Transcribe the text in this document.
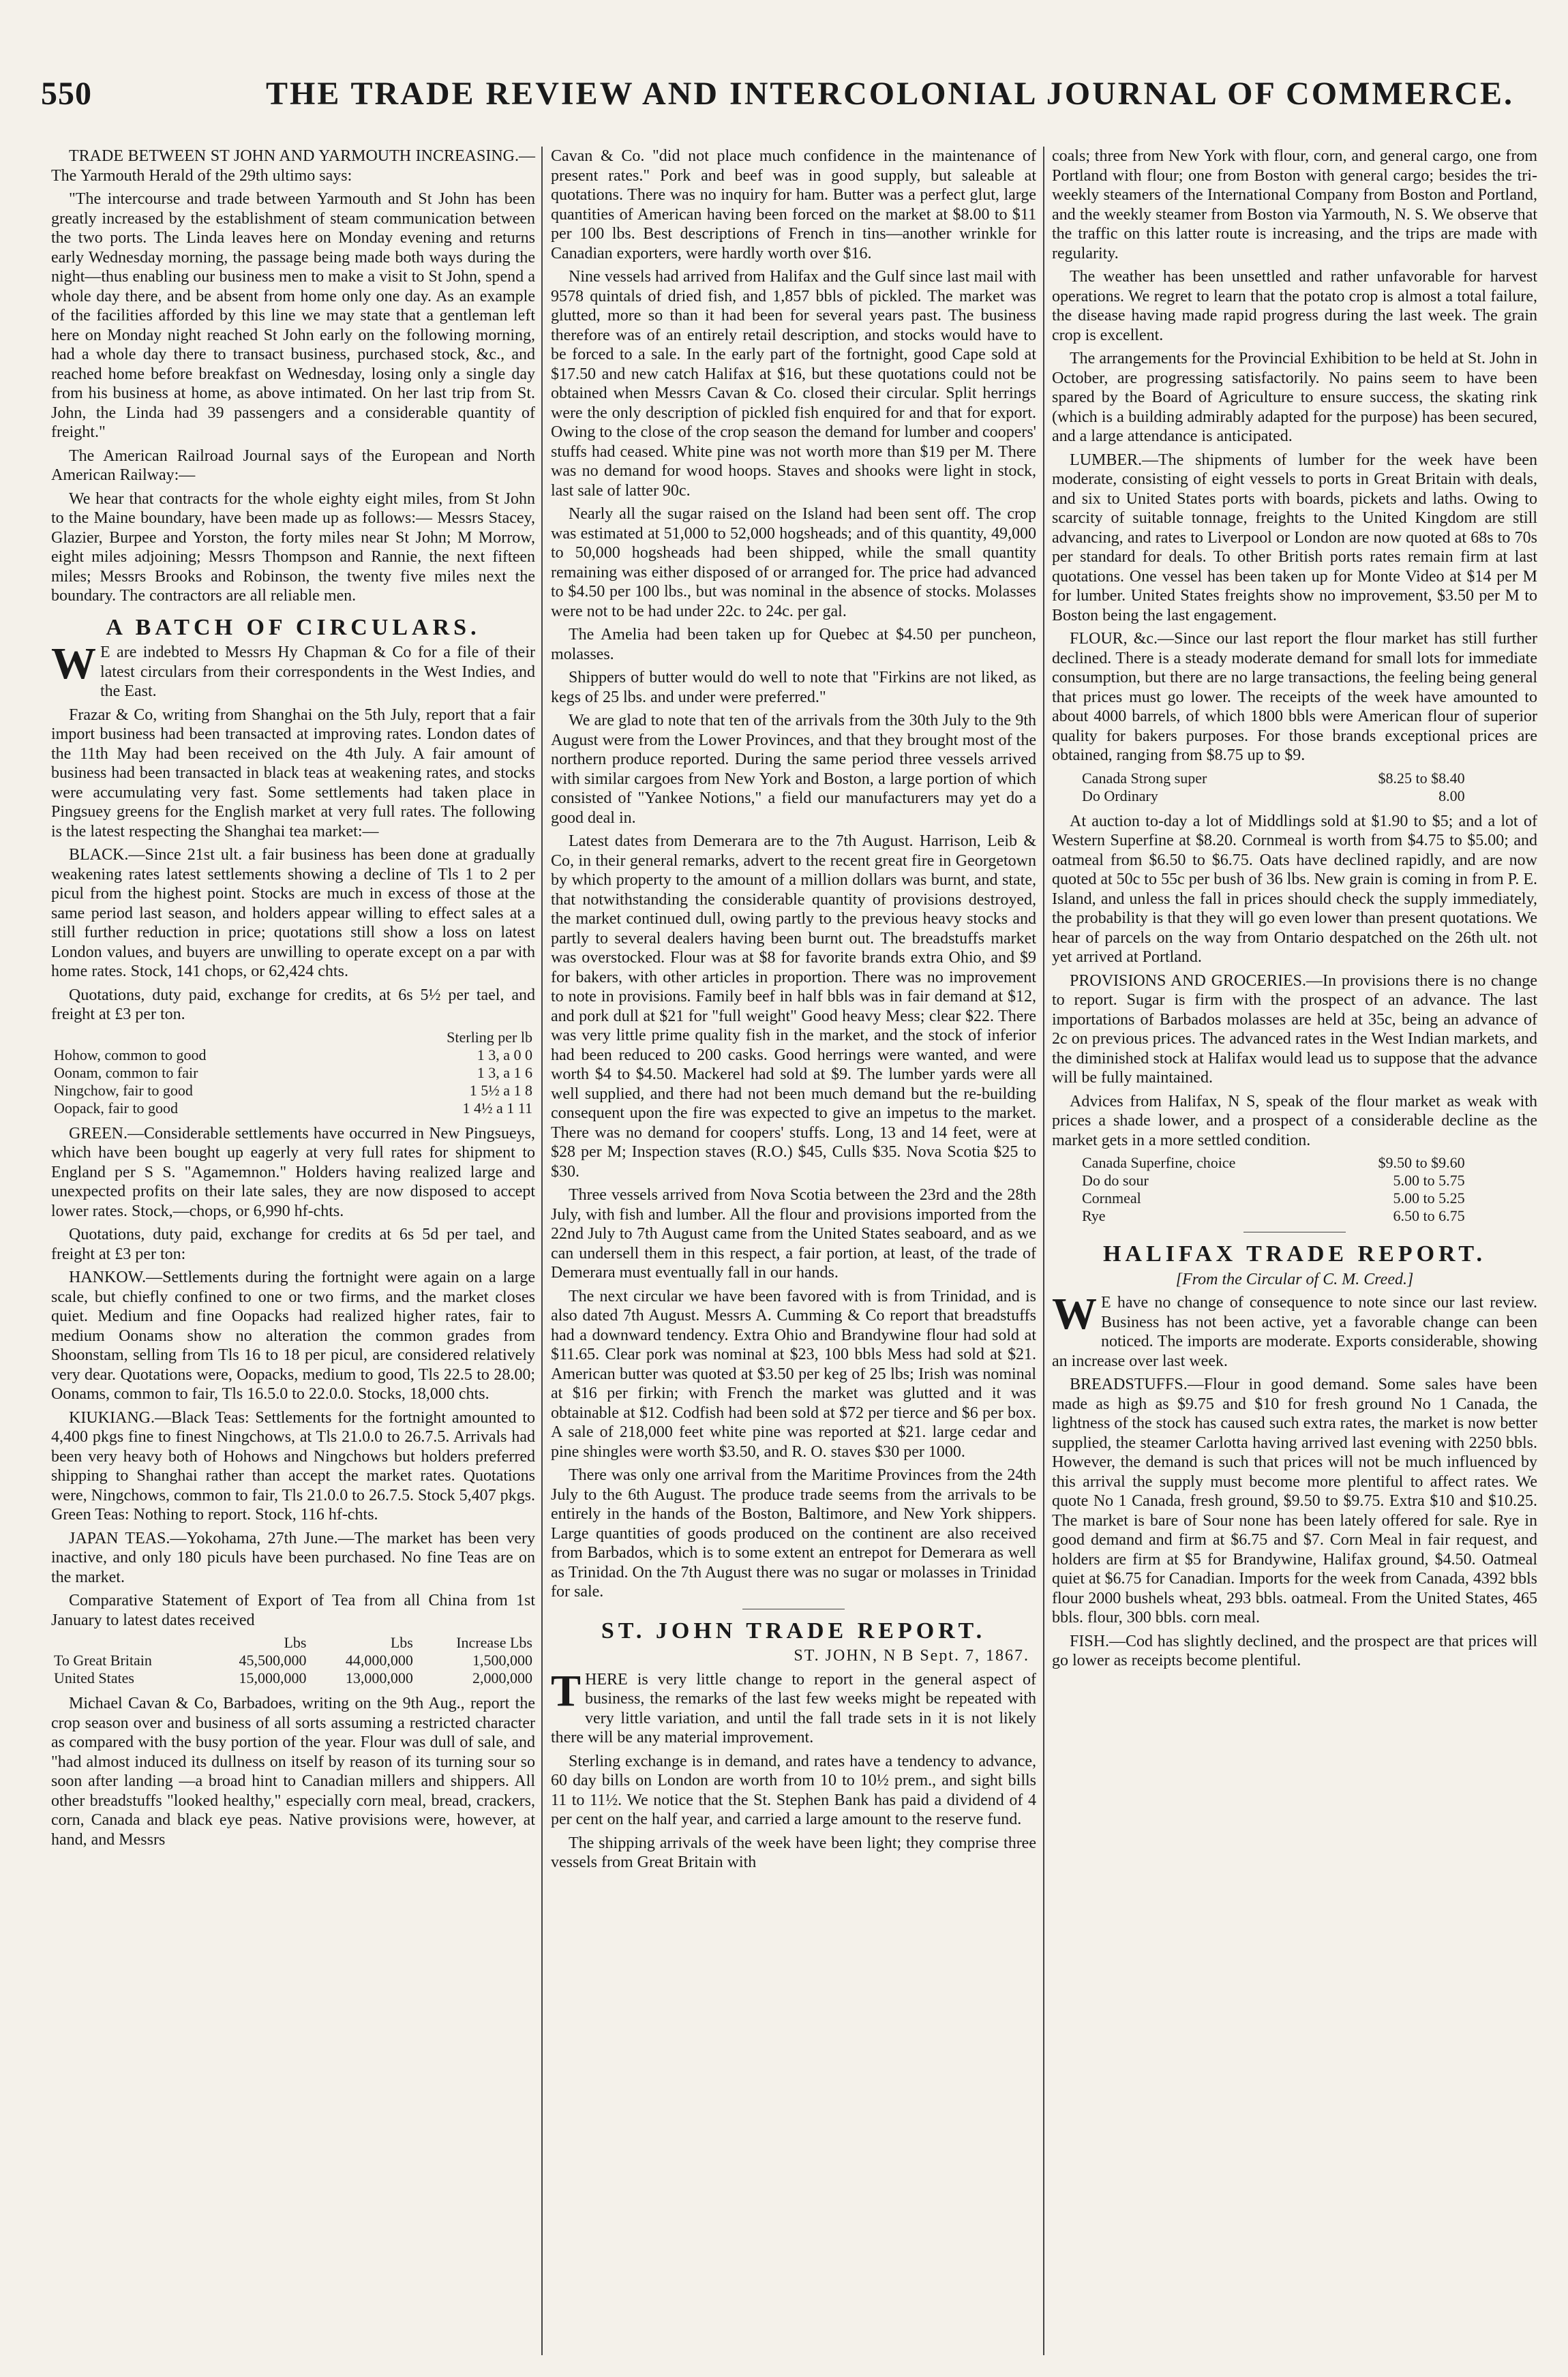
550	THE TRADE REVIEW AND INTERCOLONIAL JOURNAL OF COMMERCE.

TRADE BETWEEN ST JOHN AND YARMOUTH INCREASING.—The Yarmouth Herald of the 29th ultimo says:

"The intercourse and trade between Yarmouth and St John has been greatly increased by the establishment of steam communication between the two ports. The Linda leaves here on Monday evening and returns early Wednesday morning, the passage being made both ways during the night—thus enabling our business men to make a visit to St John, spend a whole day there, and be absent from home only one day. As an example of the facilities afforded by this line we may state that a gentleman left here on Monday night reached St John early on the following morning, had a whole day there to transact business, purchased stock, &c., and reached home before breakfast on Wednesday, losing only a single day from his business at home, as above intimated. On her last trip from St. John, the Linda had 39 passengers and a considerable quantity of freight."

The American Railroad Journal says of the European and North American Railway:—

We hear that contracts for the whole eighty eight miles, from St John to the Maine boundary, have been made up as follows:— Messrs Stacey, Glazier, Burpee and Yorston, the forty miles near St John; M Morrow, eight miles adjoining; Messrs Thompson and Rannie, the next fifteen miles; Messrs Brooks and Robinson, the twenty five miles next the boundary. The contractors are all reliable men.

A BATCH OF CIRCULARS.

W E are indebted to Messrs Hy Chapman & Co for a file of their latest circulars from their correspondents in the West Indies, and the East.

Frazar & Co, writing from Shanghai on the 5th July, report that a fair import business had been transacted at improving rates. London dates of the 11th May had been received on the 4th July. A fair amount of business had been transacted in black teas at weakening rates, and stocks were accumulating very fast. Some settlements had taken place in Pingsuey greens for the English market at very full rates. The following is the latest respecting the Shanghai tea market:—

BLACK.—Since 21st ult. a fair business has been done at gradually weakening rates latest settlements showing a decline of Tls 1 to 2 per picul from the highest point. Stocks are much in excess of those at the same period last season, and holders appear willing to effect sales at a still further reduction in price; quotations still show a loss on latest London values, and buyers are unwilling to operate except on a par with home rates. Stock, 141 chops, or 62,424 chts.

Quotations, duty paid, exchange for credits, at 6s 5½ per tael, and freight at £3 per ton.

	Sterling per lb
Hohow, common to good	1 3, a 0 0
Oonam, common to fair	1 3, a 1 6
Ningchow, fair to good	1 5½ a 1 8
Oopack, fair to good	1 4½ a 1 11

GREEN.—Considerable settlements have occurred in New Pingsueys, which have been bought up eagerly at very full rates for shipment to England per S S. "Agamemnon." Holders having realized large and unexpected profits on their late sales, they are now disposed to accept lower rates. Stock,—chops, or 6,990 hf-chts.

Quotations, duty paid, exchange for credits at 6s 5d per tael, and freight at £3 per ton:

HANKOW.—Settlements during the fortnight were again on a large scale, but chiefly confined to one or two firms, and the market closes quiet. Medium and fine Oopacks had realized higher rates, fair to medium Oonams show no alteration the common grades from Shoonstam, selling from Tls 16 to 18 per picul, are considered relatively very dear. Quotations were, Oopacks, medium to good, Tls 22.5 to 28.00; Oonams, common to fair, Tls 16.5.0 to 22.0.0. Stocks, 18,000 chts.

KIUKIANG.—Black Teas: Settlements for the fortnight amounted to 4,400 pkgs fine to finest Ningchows, at Tls 21.0.0 to 26.7.5. Arrivals had been very heavy both of Hohows and Ningchows but holders preferred shipping to Shanghai rather than accept the market rates. Quotations were, Ningchows, common to fair, Tls 21.0.0 to 26.7.5. Stock 5,407 pkgs. Green Teas: Nothing to report. Stock, 116 hf-chts.

JAPAN TEAS.—Yokohama, 27th June.—The market has been very inactive, and only 180 piculs have been purchased. No fine Teas are on the market.

Comparative Statement of Export of Tea from all China from 1st January to latest dates received

	Lbs	Lbs	Increase Lbs
To Great Britain	45,500,000	44,000,000	1,500,000
United States	15,000,000	13,000,000	2,000,000

Michael Cavan & Co, Barbadoes, writing on the 9th Aug., report the crop season over and business of all sorts assuming a restricted character as compared with the busy portion of the year. Flour was dull of sale, and "had almost induced its dullness on itself by reason of its turning sour so soon after landing —a broad hint to Canadian millers and shippers. All other breadstuffs "looked healthy," especially corn meal, bread, crackers, corn, Canada and black eye peas. Native provisions were, however, at hand, and Messrs

Cavan & Co. "did not place much confidence in the maintenance of present rates." Pork and beef was in good supply, but saleable at quotations. There was no inquiry for ham. Butter was a perfect glut, large quantities of American having been forced on the market at $8.00 to $11 per 100 lbs. Best descriptions of French in tins—another wrinkle for Canadian exporters, were hardly worth over $16.

Nine vessels had arrived from Halifax and the Gulf since last mail with 9578 quintals of dried fish, and 1,857 bbls of pickled. The market was glutted, more so than it had been for several years past. The business therefore was of an entirely retail description, and stocks would have to be forced to a sale. In the early part of the fortnight, good Cape sold at $17.50 and new catch Halifax at $16, but these quotations could not be obtained when Messrs Cavan & Co. closed their circular. Split herrings were the only description of pickled fish enquired for and that for export. Owing to the close of the crop season the demand for lumber and coopers' stuffs had ceased. White pine was not worth more than $19 per M. There was no demand for wood hoops. Staves and shooks were light in stock, last sale of latter 90c.

Nearly all the sugar raised on the Island had been sent off. The crop was estimated at 51,000 to 52,000 hogsheads; and of this quantity, 49,000 to 50,000 hogsheads had been shipped, while the small quantity remaining was either disposed of or arranged for. The price had advanced to $4.50 per 100 lbs., but was nominal in the absence of stocks. Molasses were not to be had under 22c. to 24c. per gal.

The Amelia had been taken up for Quebec at $4.50 per puncheon, molasses.

Shippers of butter would do well to note that "Firkins are not liked, as kegs of 25 lbs. and under were preferred."

We are glad to note that ten of the arrivals from the 30th July to the 9th August were from the Lower Provinces, and that they brought most of the northern produce reported. During the same period three vessels arrived with similar cargoes from New York and Boston, a large portion of which consisted of "Yankee Notions," a field our manufacturers may yet do a good deal in.

Latest dates from Demerara are to the 7th August. Harrison, Leib & Co, in their general remarks, advert to the recent great fire in Georgetown by which property to the amount of a million dollars was burnt, and state, that notwithstanding the considerable quantity of provisions destroyed, the market continued dull, owing partly to the previous heavy stocks and partly to several dealers having been burnt out. The breadstuffs market was overstocked. Flour was at $8 for favorite brands extra Ohio, and $9 for bakers, with other articles in proportion. There was no improvement to note in provisions. Family beef in half bbls was in fair demand at $12, and pork dull at $21 for "full weight" Good heavy Mess; clear $22. There was very little prime quality fish in the market, and the stock of inferior had been reduced to 200 casks. Good herrings were wanted, and were worth $4 to $4.50. Mackerel had sold at $9. The lumber yards were all well supplied, and there had not been much demand but the re-building consequent upon the fire was expected to give an impetus to the market. There was no demand for coopers' stuffs. Long, 13 and 14 feet, were at $28 per M; Inspection staves (R.O.) $45, Culls $35. Nova Scotia $25 to $30.

Three vessels arrived from Nova Scotia between the 23rd and the 28th July, with fish and lumber. All the flour and provisions imported from the 22nd July to 7th August came from the United States seaboard, and as we can undersell them in this respect, a fair portion, at least, of the trade of Demerara must eventually fall in our hands.

The next circular we have been favored with is from Trinidad, and is also dated 7th August. Messrs A. Cumming & Co report that breadstuffs had a downward tendency. Extra Ohio and Brandywine flour had sold at $11.65. Clear pork was nominal at $23, 100 bbls Mess had sold at $21. American butter was quoted at $3.50 per keg of 25 lbs; Irish was nominal at $16 per firkin; with French the market was glutted and it was obtainable at $12. Codfish had been sold at $72 per tierce and $6 per box. A sale of 218,000 feet white pine was reported at $21. large cedar and pine shingles were worth $3.50, and R. O. staves $30 per 1000.

There was only one arrival from the Maritime Provinces from the 24th July to the 6th August. The produce trade seems from the arrivals to be entirely in the hands of the Boston, Baltimore, and New York shippers. Large quantities of goods produced on the continent are also received from Barbados, which is to some extent an entrepot for Demerara as well as Trinidad. On the 7th August there was no sugar or molasses in Trinidad for sale.

ST. JOHN TRADE REPORT.
ST. JOHN, N B Sept. 7, 1867.

THERE is very little change to report in the general aspect of business, the remarks of the last few weeks might be repeated with very little variation, and until the fall trade sets in it is not likely there will be any material improvement.

Sterling exchange is in demand, and rates have a tendency to advance, 60 day bills on London are worth from 10 to 10½ prem., and sight bills 11 to 11½. We notice that the St. Stephen Bank has paid a dividend of 4 per cent on the half year, and carried a large amount to the reserve fund.

The shipping arrivals of the week have been light; they comprise three vessels from Great Britain with

coals; three from New York with flour, corn, and general cargo, one from Portland with flour; one from Boston with general cargo; besides the tri-weekly steamers of the International Company from Boston and Portland, and the weekly steamer from Boston via Yarmouth, N. S. We observe that the traffic on this latter route is increasing, and the trips are made with regularity.

The weather has been unsettled and rather unfavorable for harvest operations. We regret to learn that the potato crop is almost a total failure, the disease having made rapid progress during the last week. The grain crop is excellent.

The arrangements for the Provincial Exhibition to be held at St. John in October, are progressing satisfactorily. No pains seem to have been spared by the Board of Agriculture to ensure success, the skating rink (which is a building admirably adapted for the purpose) has been secured, and a large attendance is anticipated.

LUMBER.—The shipments of lumber for the week have been moderate, consisting of eight vessels to ports in Great Britain with deals, and six to United States ports with boards, pickets and laths. Owing to scarcity of suitable tonnage, freights to the United Kingdom are still advancing, and rates to Liverpool or London are now quoted at 68s to 70s per standard for deals. To other British ports rates remain firm at last quotations. One vessel has been taken up for Monte Video at $14 per M for lumber. United States freights show no improvement, $3.50 per M to Boston being the last engagement.

FLOUR, &c.—Since our last report the flour market has still further declined. There is a steady moderate demand for small lots for immediate consumption, but there are no large transactions, the feeling being general that prices must go lower. The receipts of the week have amounted to about 4000 barrels, of which 1800 bbls were American flour of superior quality for bakers purposes. For those brands exceptional prices are obtained, ranging from $8.75 up to $9.

Canada Strong super	$8.25 to $8.40
Do Ordinary	8.00

At auction to-day a lot of Middlings sold at $1.90 to $5; and a lot of Western Superfine at $8.20. Cornmeal is worth from $4.75 to $5.00; and oatmeal from $6.50 to $6.75. Oats have declined rapidly, and are now quoted at 50c to 55c per bush of 36 lbs. New grain is coming in from P. E. Island, and unless the fall in prices should check the supply immediately, the probability is that they will go even lower than present quotations. We hear of parcels on the way from Ontario despatched on the 26th ult. not yet arrived at Portland.

PROVISIONS AND GROCERIES.—In provisions there is no change to report. Sugar is firm with the prospect of an advance. The last importations of Barbados molasses are held at 35c, being an advance of 2c on previous prices. The advanced rates in the West Indian markets, and the diminished stock at Halifax would lead us to suppose that the advance will be fully maintained.

Advices from Halifax, N S, speak of the flour market as weak with prices a shade lower, and a prospect of a considerable decline as the market gets in a more settled condition.

Canada Superfine, choice	$9.50 to $9.60
Do do sour	5.00 to 5.75
Cornmeal	5.00 to 5.25
Rye	6.50 to 6.75
HALIFAX TRADE REPORT.
[From the Circular of C. M. Creed.]

W E have no change of consequence to note since our last review. Business has not been active, yet a favorable change can been noticed. The imports are moderate. Exports considerable, showing an increase over last week.

BREADSTUFFS.—Flour in good demand. Some sales have been made as high as $9.75 and $10 for fresh ground No 1 Canada, the lightness of the stock has caused such extra rates, the market is now better supplied, the steamer Carlotta having arrived last evening with 2250 bbls. However, the demand is such that prices will not be much influenced by this arrival the supply must become more plentiful to affect rates. We quote No 1 Canada, fresh ground, $9.50 to $9.75. Extra $10 and $10.25. The market is bare of Sour none has been lately offered for sale. Rye in good demand and firm at $6.75 and $7. Corn Meal in fair request, and holders are firm at $5 for Brandywine, Halifax ground, $4.50. Oatmeal quiet at $6.75 for Canadian. Imports for the week from Canada, 4392 bbls flour 2000 bushels wheat, 293 bbls. oatmeal. From the United States, 465 bbls. flour, 300 bbls. corn meal.

FISH.—Cod has slightly declined, and the prospect are that prices will go lower as receipts become plentiful.
